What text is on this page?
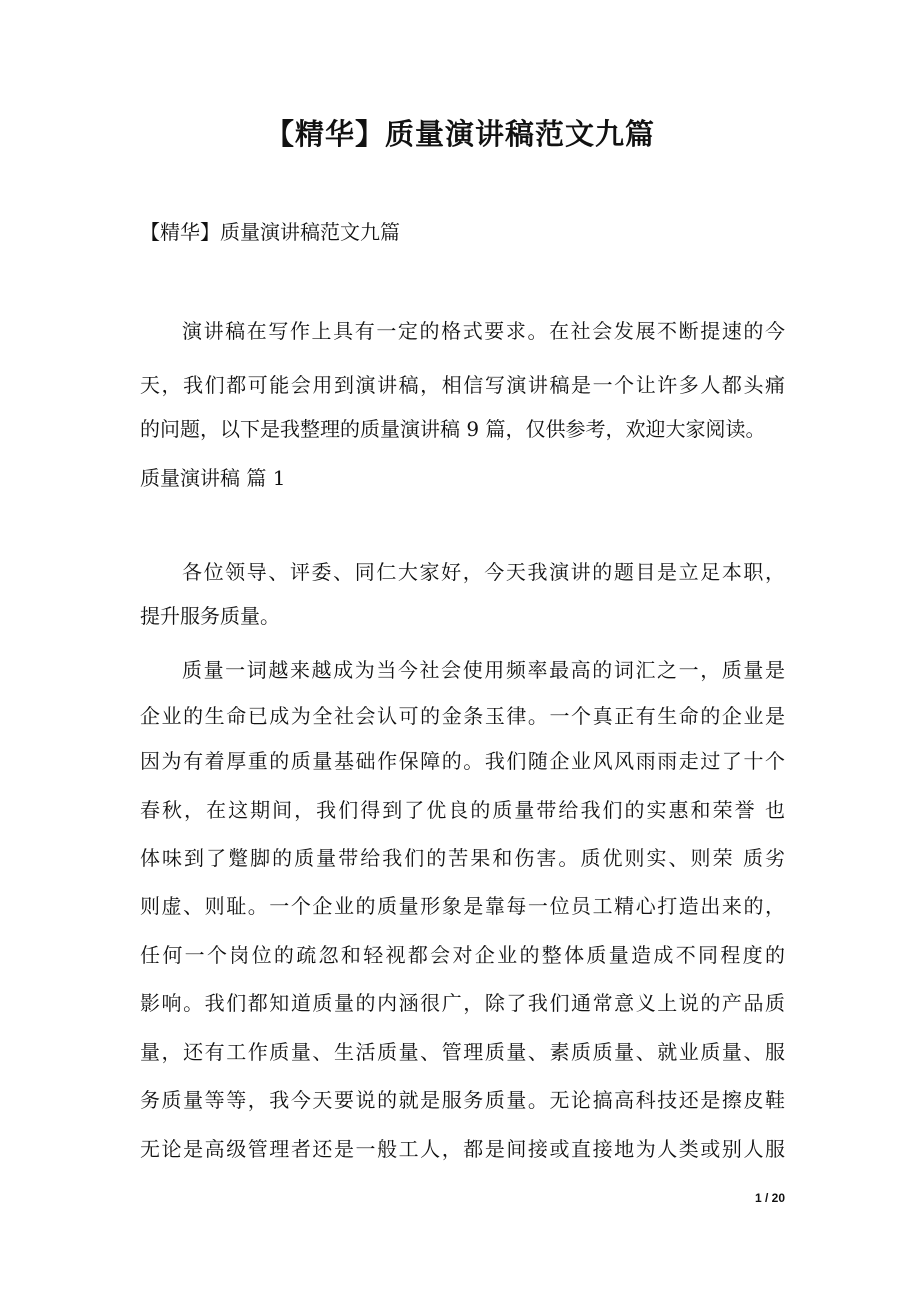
【精华】质量演讲稿范文九篇

【精华】质量演讲稿范文九篇

演讲稿在写作上具有一定的格式要求。在社会发展不断提速的今

天，我们都可能会用到演讲稿，相信写演讲稿是一个让许多人都头痛

的问题，以下是我整理的质量演讲稿 9 篇，仅供参考，欢迎大家阅读。

质量演讲稿 篇 1

各位领导、评委、同仁大家好，今天我演讲的题目是立足本职，

提升服务质量。

质量一词越来越成为当今社会使用频率最高的词汇之一，质量是

企业的生命已成为全社会认可的金条玉律。一个真正有生命的企业是

因为有着厚重的质量基础作保障的。我们随企业风风雨雨走过了十个

春秋，在这期间，我们得到了优良的质量带给我们的实惠和荣誉 也

体味到了蹩脚的质量带给我们的苦果和伤害。质优则实、则荣 质劣

则虚、则耻。一个企业的质量形象是靠每一位员工精心打造出来的，

任何一个岗位的疏忽和轻视都会对企业的整体质量造成不同程度的

影响。我们都知道质量的内涵很广，除了我们通常意义上说的产品质

量，还有工作质量、生活质量、管理质量、素质质量、就业质量、服

务质量等等，我今天要说的就是服务质量。无论搞高科技还是擦皮鞋

无论是高级管理者还是一般工人，都是间接或直接地为人类或别人服

1 / 20
